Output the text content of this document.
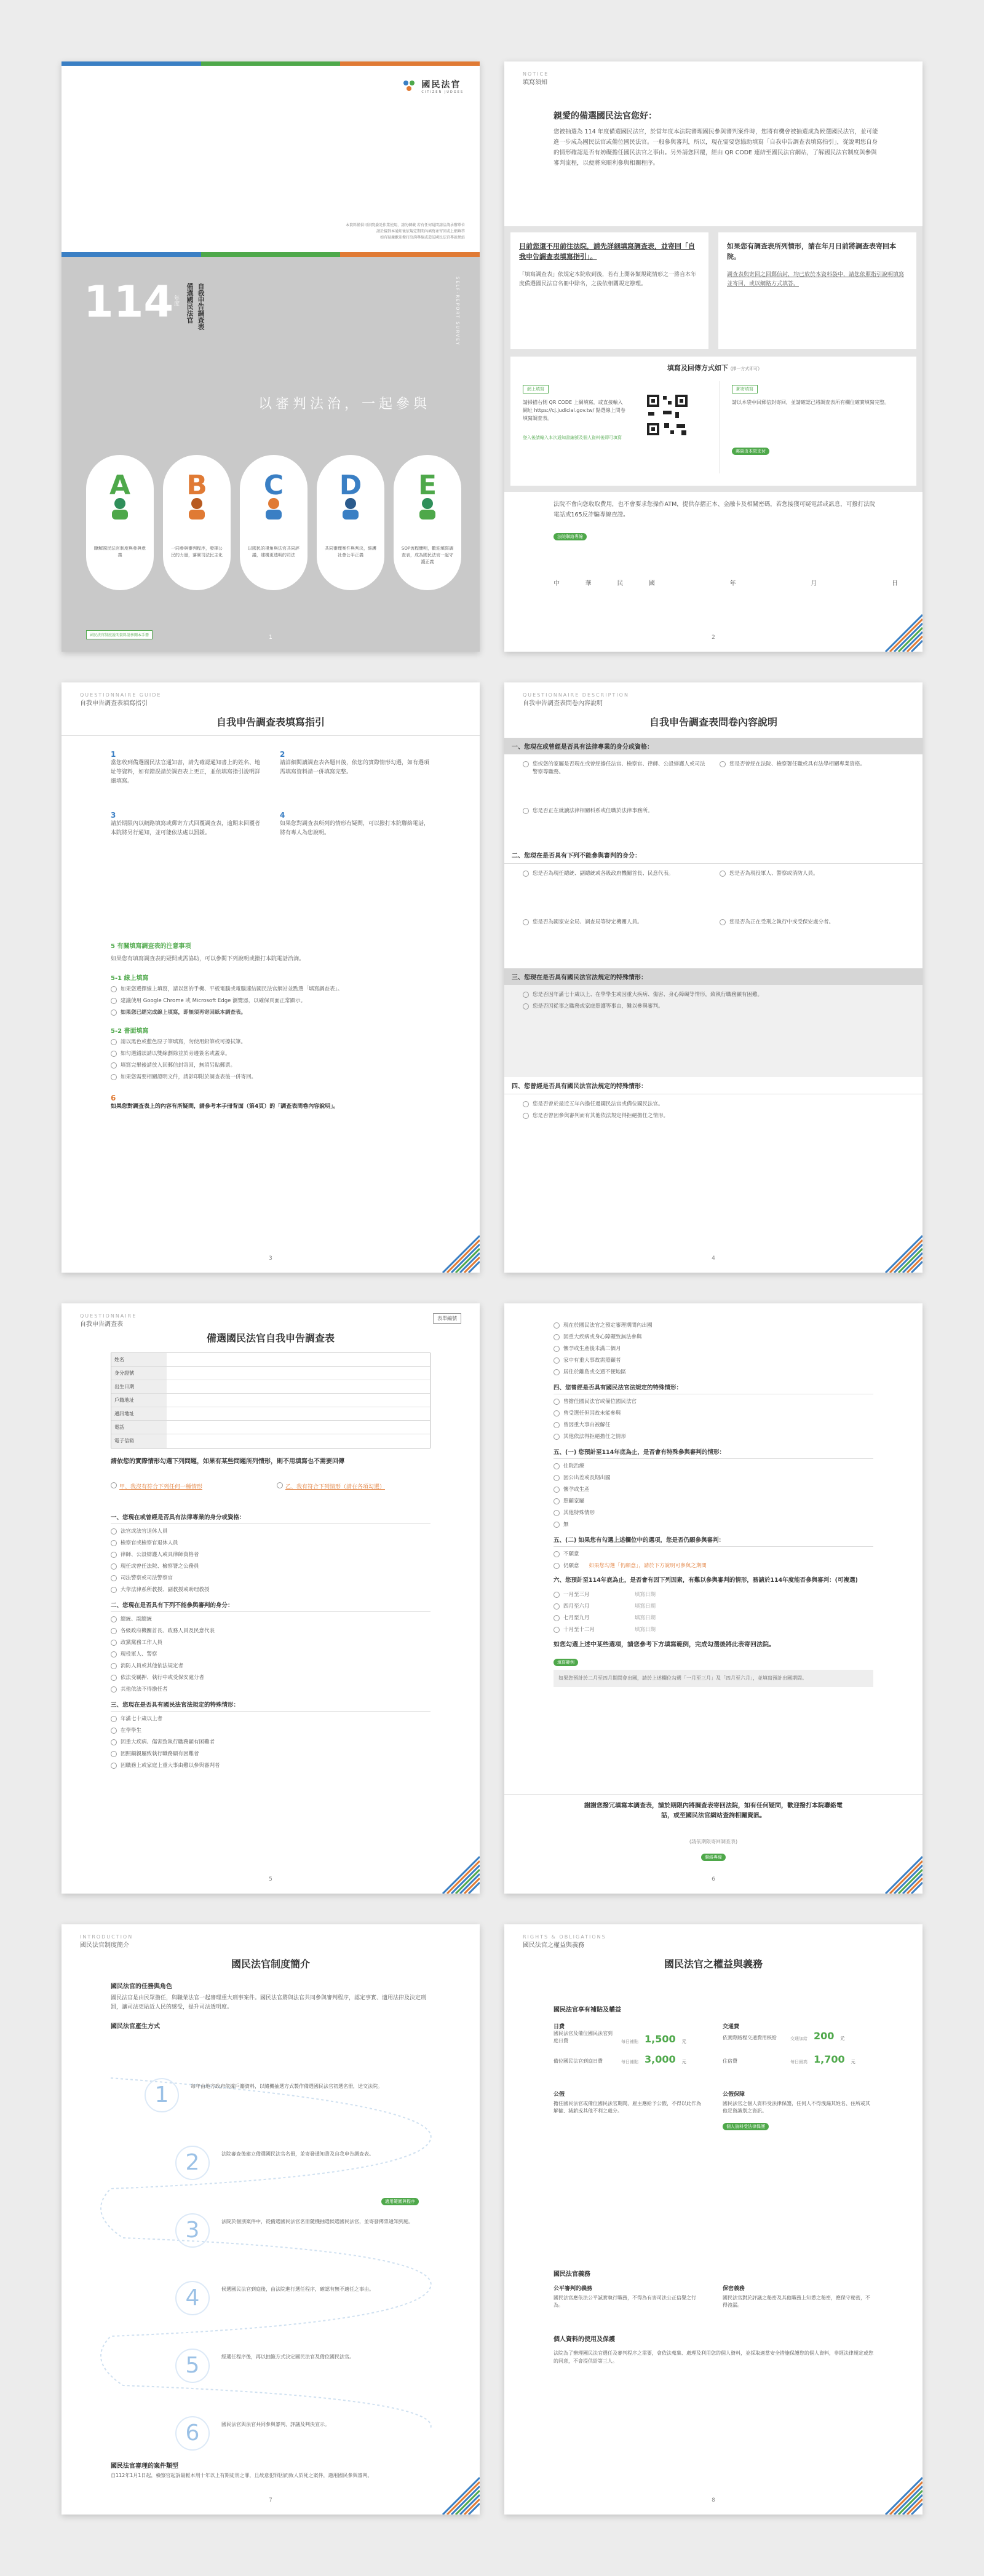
國民法官
CITIZEN JUDGES
本資料僅供司法院委託作業使用，請勿轉載 若有任何疑問請洽詢承辦單位
請於接到本通知後依規定期間內填寫並寄回或上網填答
如有疑義歡迎撥打洽詢專線或造訪國民法官專區網站
114
年度 備選國民法官 自我申告調查表	SELF-REPORT SURVEY
以審判法治，一起參與
A
瞭解國民法官制度與參與意義
B
一同參與審判程序，發揮公民的力量，落實司法民主化
C
以國民的視角與法官共同評議，建構更透明的司法
D
共同審理案件與判決，維護社會公平正義
E
SOP流程簡明，歡迎填寫調查表，成為國民法官一起守護正義
國民法官制度說明資料請參閱本手冊	1
NOTICE
填寫須知
親愛的備選國民法官您好：
您被抽選為 114 年度備選國民法官，於當年度本法院審理國民參與審判案件時，您將有機會被抽選成為候選國民法官，並可能進一步成為國民法官或備位國民法官。一般參與審判，所以，現在需要您協助填寫「自我申告調查表填寫指引」，從說明您自身的情形確認是否有妨礙擔任國民法官之事由。另外請您回覆，經由 QR CODE 連結至國民法官網站，了解國民法官制度與參與審判流程，以便將來順利參與相關程序。
目前您還不用前往法院，請先詳細填寫調查表，並寄回「自我申告調查表填寫指引」。
「填寫調查表」依規定本院收到後，若有上開各類規範情形之一將自本年度備選國民法官名冊中除名，之後依相關規定辦理。
如果您有調查表所列情形，請在年月日前將調查表寄回本院。
調查表與寄回之回郵信封，均已放於本資料袋中，請您依照指引說明填寫並寄回，或以網路方式填答。
填寫及回傳方式如下 (擇一方式即可)
網上填寫
請掃描右側 QR CODE 上網填寫，或直接輸入網址 https://cj.judicial.gov.tw/ 點選線上問卷填寫調查表。
登入後請輸入本次通知書編號及個人資料後即可填寫
郵寄填寫
請以本袋中回郵信封寄回，並請確認已將調查表所有欄位確實填寫完整。
郵資由本院支付
法院不會向您收取費用，也不會要求您操作ATM，提供存摺正本、金融卡及相關密碼，若您接獲可疑電話或訊息，可撥打法院電話或165反詐騙專線查證。
法院聯絡專線
中	華	民	國	年	月	日
2
QUESTIONNAIRE GUIDE
自我申告調查表填寫指引
自我申告調查表填寫指引
1
當您收到備選國民法官通知書，請先確認通知書上的姓名、地址等資料，如有錯誤請於調查表上更正，並依填寫指引說明詳細填寫。
2
請詳細閱讀調查表各題目後，依您的實際情形勾選，如有選項需填寫資料請一併填寫完整。
3
請於期限內以網路填寫或郵寄方式回覆調查表，逾期未回覆者本院將另行通知，並可能依法處以罰鍰。
4
如果您對調查表所列的情形有疑問，可以撥打本院聯絡電話，將有專人為您說明。
5 有關填寫調查表的注意事項
如果您有填寫調查表的疑問或需協助，可以參閱下列說明或撥打本院電話洽詢。
5-1 線上填寫
如果您選擇線上填寫，請以您的手機、平板電腦或電腦連結國民法官網站並點選「填寫調查表」。
建議使用 Google Chrome 或 Microsoft Edge 瀏覽器，以確保頁面正常顯示。
如果您已經完成線上填寫，即無須再寄回紙本調查表。
5-2 書面填寫
請以黑色或藍色原子筆填寫，勿使用鉛筆或可擦拭筆。
如勾選錯誤請以雙線劃除並於旁邊簽名或蓋章。
填寫完畢後請放入回郵信封寄回，無須另貼郵票。
如果您需要相關證明文件，請影印附於調查表後一併寄回。
6
如果您對調查表上的內容有所疑問，請參考本手冊背面（第4頁）的「調查表問卷內容說明」。
3
QUESTIONNAIRE DESCRIPTION
自我申告調查表問卷內容說明
自我申告調查表問卷內容說明
一、您現在或曾經是否具有法律專業的身分或資格：
您或您的家屬是否現在或曾經擔任法官、檢察官、律師、公設辯護人或司法警察等職務。
您是否曾經在法院、檢察署任職或具有法學相關專業資格。
您是否正在就讀法律相關科系或任職於法律事務所。
二、您現在是否具有下列不能參與審判的身分：
您是否為現任總統、副總統或各級政府機關首長、民意代表。	您是否為現役軍人、警察或消防人員。
您是否為國家安全局、調查局等特定機關人員。	您是否為正在受刑之執行中或受保安處分者。
三、您現在是否具有國民法官法規定的特殊情形：
您是否因年滿七十歲以上、在學學生或因重大疾病、傷害、身心障礙等情形，致執行職務顯有困難。
您是否因從事之職務或家庭照護等事由，難以參與審判。
四、您曾經是否具有國民法官法規定的特殊情形：
您是否曾於最近五年內擔任過國民法官或備位國民法官。
您是否曾因參與審判而有其他依法規定得拒絕擔任之情形。
4
QUESTIONNAIRE
自我申告調查表
表單編號
備選國民法官自我申告調查表
姓名
身分證號
出生日期
戶籍地址
通訊地址
電話
電子信箱
請依您的實際情形勾選下列問題，如果有某些問題所列情形，則不用填寫也不需要回傳
甲、我沒有符合下列任何一種情形	乙、我有符合下列情形（請在各項勾選）
一、您現在或曾經是否具有法律專業的身分或資格：
法官或法官退休人員
檢察官或檢察官退休人員
律師、公設辯護人或具律師資格者
現任或曾任法院、檢察署之公務員
司法警察或司法警察官
大學法律系所教授、副教授或助理教授
二、您現在是否具有下列不能參與審判的身分：
總統、副總統
各級政府機關首長、政務人員及民意代表
政黨黨務工作人員
現役軍人、警察
消防人員或其他依法規定者
依法受羈押、執行中或受保安處分者
其他依法不得擔任者
三、您現在是否具有國民法官法規定的特殊情形：
年滿七十歲以上者
在學學生
因重大疾病、傷害致執行職務顯有困難者
因照顧親屬致執行職務顯有困難者
因職務上或家庭上重大事由難以參與審判者
5
現在於國民法官之預定審理期間內出國
因重大疾病或身心障礙致無法參與
懷孕或生產後未滿二個月
家中有重大事故需照顧者
居住於離島或交通不便地區
四、您曾經是否具有國民法官法規定的特殊情形：
曾擔任國民法官或備位國民法官
曾受選任但因故未能參與
曾因重大事由被解任
其他依法得拒絕擔任之情形
五、(一) 您預計至114年底為止，是否會有特殊參與審判的情形：
住院治療
因公出差或長期出國
懷孕或生產
照顧家屬
其他特殊情形
無
五、(二) 如果您有勾選上述欄位中的選項，您是否仍願參與審判：
不願意
仍願意 如果您勾選「仍願意」，請於下方說明可參與之期間
六、您預計至114年底為止，是否會有因下列因素，有難以參與審判的情形，務請於114年度能否參與審判：(可複選)
一月至三月	填寫日期
四月至六月	填寫日期
七月至九月	填寫日期
十月至十二月	填寫日期
如您勾選上述中某些選項，請您參考下方填寫範例，完成勾選後將此表寄回法院。
填寫範例
如果您預計於二月至四月期間會出國，請於上述欄位勾選「一月至三月」及「四月至六月」，並填寫預計出國期間。
謝謝您撥冗填寫本調查表，請於期限內將調查表寄回法院，如有任何疑問，歡迎撥打本院聯絡電話，或至國民法官網站查詢相關資訊。
(請依期限寄回調查表)
聯絡專線
6
INTRODUCTION
國民法官制度簡介
國民法官制度簡介
國民法官的任務與角色
國民法官是由民眾擔任，與職業法官一起審理重大刑事案件。國民法官將與法官共同參與審判程序，認定事實、適用法律及決定刑罰，讓司法更貼近人民的感受，提升司法透明度。
國民法官產生方式
1	每年由地方政府依據戶籍資料，以隨機抽選方式製作備選國民法官初選名冊，送交法院。
2	法院審查後建立備選國民法官名冊，並寄發通知書及自我申告調查表。
適用範圍與程序
3	法院於個別案件中，從備選國民法官名冊隨機抽選候選國民法官，並寄發傳票通知到庭。
4	候選國民法官到庭後，由法院進行選任程序，確認有無不適任之事由。
5	經選任程序後，再以抽籤方式決定國民法官及備位國民法官。
6	國民法官與法官共同參與審判、評議及判決宣示。
國民法官審理的案件類型
自112年1月1日起，檢察官起訴最輕本刑十年以上有期徒刑之罪，且故意犯罪因而致人於死之案件，適用國民參與審判。
7
RIGHTS & OBLIGATIONS
國民法官之權益與義務
國民法官之權益與義務
國民法官享有補貼及權益
日費
國民法官及備位國民法官到庭日費	每日補貼 1,500 元
交通費
依實際路程交通費用核給	交通加給 200 元
備位國民法官到庭日費	每日補貼 3,000 元	住宿費	每日最高 1,700 元
公假
擔任國民法官或備位國民法官期間，雇主應給予公假，不得以此作為解僱、減薪或其他不利之處分。
公假保障
國民法官之個人資料受法律保護，任何人不得洩漏其姓名、住所或其他足資識別之資訊。
個人資料受法律保護
國民法官義務
公平審判的義務
國民法官應依法公平誠實執行職務，不得為有害司法公正信譽之行為。
保密義務
國民法官對於評議之秘密及其他職務上知悉之秘密，應保守秘密，不得洩漏。
個人資料的使用及保護
法院為了辦理國民法官選任及審判程序之需要，會依法蒐集、處理及利用您的個人資料，並採取適當安全措施保護您的個人資料，非經法律規定或您的同意，不會提供給第三人。
8
